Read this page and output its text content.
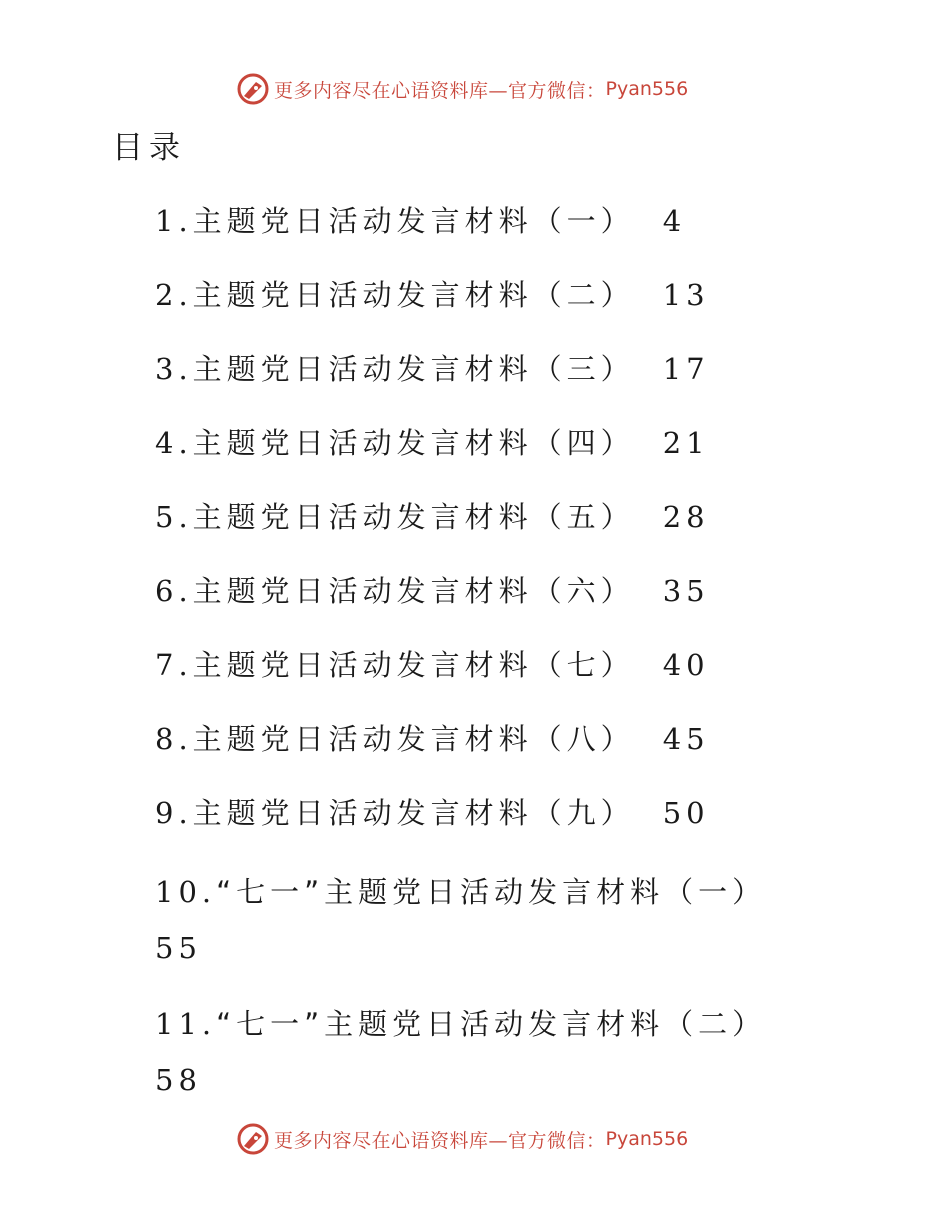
更多内容尽在心语资料库—官方微信： Pyan556
目录
1.主题党日活动发言材料（一） 4
2.主题党日活动发言材料（二） 13
3.主题党日活动发言材料（三） 17
4.主题党日活动发言材料（四） 21
5.主题党日活动发言材料（五） 28
6.主题党日活动发言材料（六） 35
7.主题党日活动发言材料（七） 40
8.主题党日活动发言材料（八） 45
9.主题党日活动发言材料（九） 50
10.“七一”主题党日活动发言材料（一）
55
11.“七一”主题党日活动发言材料（二）
58
更多内容尽在心语资料库—官方微信： Pyan556
